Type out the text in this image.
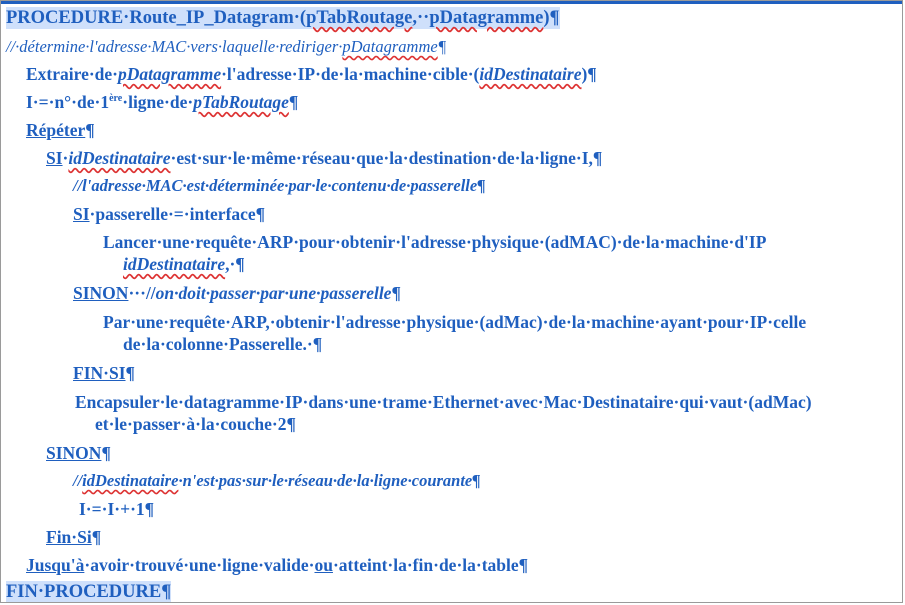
PROCEDURE·Route_IP_Datagram·(pTabRoutage,··pDatagramme)¶
//·détermine·l'adresse·MAC·vers·laquelle·rediriger·pDatagramme¶
Extraire·de·pDatagramme·l'adresse·IP·de·la·machine·cible·(idDestinataire)¶
I·=·n°·de·1ère·ligne·de·pTabRoutage¶
Répéter¶
SI·idDestinataire·est·sur·le·même·réseau·que·la·destination·de·la·ligne·I,¶
//l'adresse·MAC·est·déterminée·par·le·contenu·de·passerelle¶
SI·passerelle·=·interface¶
Lancer·une·requête·ARP·pour·obtenir·l'adresse·physique·(adMAC)·de·la·machine·d'IP
idDestinataire,·¶
SINON···//on·doit·passer·par·une·passerelle¶
Par·une·requête·ARP,·obtenir·l'adresse·physique·(adMac)·de·la·machine·ayant·pour·IP·celle
de·la·colonne·Passerelle.·¶
FIN·SI¶
Encapsuler·le·datagramme·IP·dans·une·trame·Ethernet·avec·Mac·Destinataire·qui·vaut·(adMac)
et·le·passer·à·la·couche·2¶
SINON¶
//idDestinataire·n'est·pas·sur·le·réseau·de·la·ligne·courante¶
I·=·I·+·1¶
Fin·Si¶
Jusqu'à·avoir·trouvé·une·ligne·valide·ou·atteint·la·fin·de·la·table¶
FIN·PROCEDURE¶
